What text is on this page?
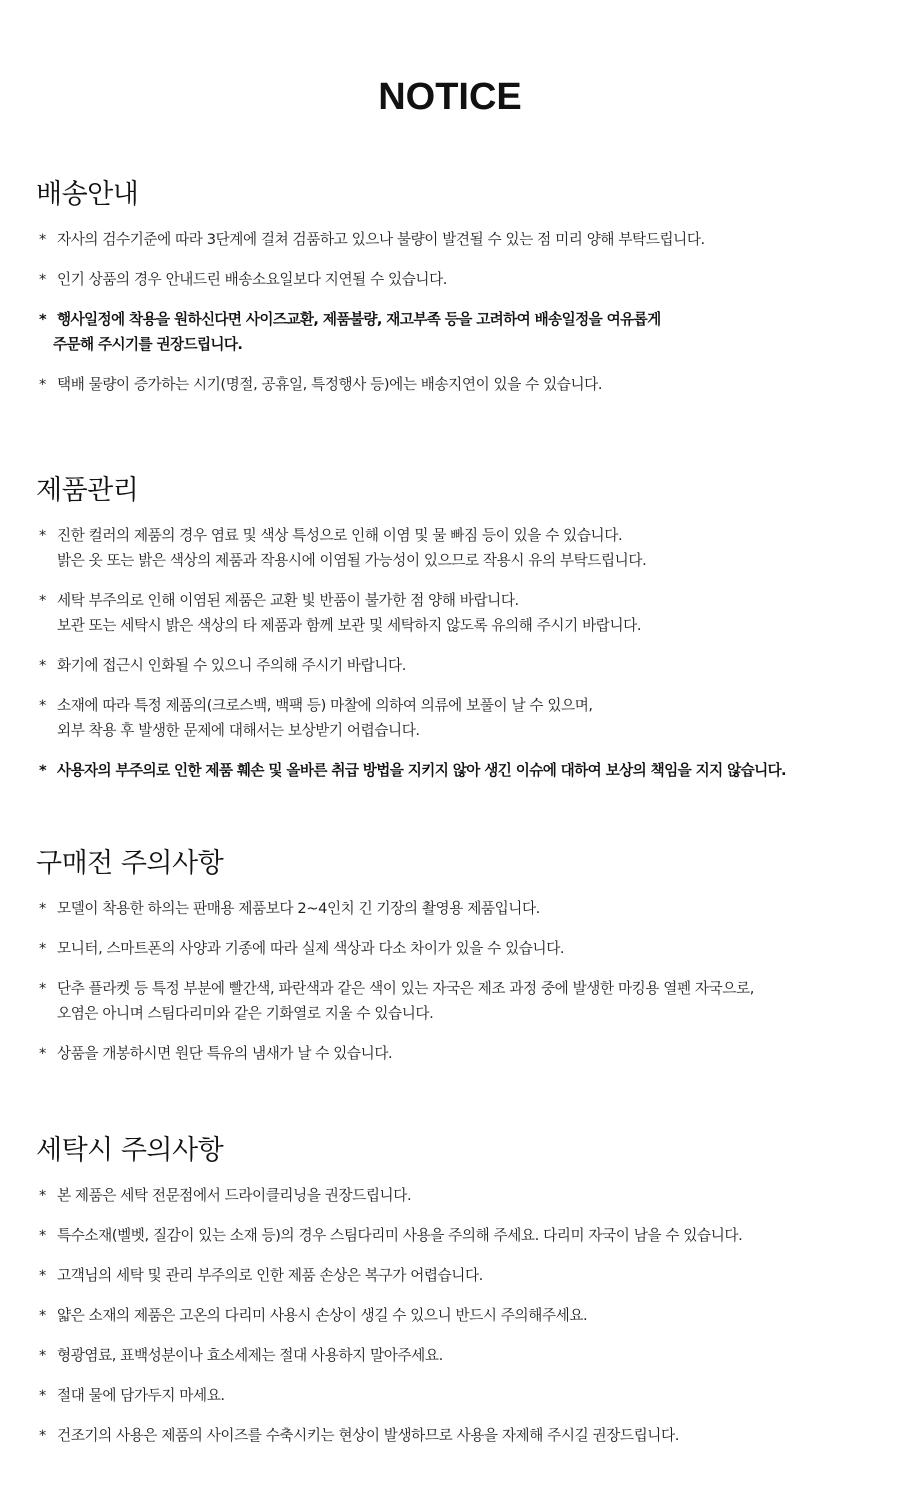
NOTICE
배송안내
* 자사의 검수기준에 따라 3단계에 걸쳐 검품하고 있으나 불량이 발견될 수 있는 점 미리 양해 부탁드립니다.
* 인기 상품의 경우 안내드린 배송소요일보다 지연될 수 있습니다.
* 행사일정에 착용을 원하신다면 사이즈교환, 제품불량, 재고부족 등을 고려하여 배송일정을 여유롭게
주문해 주시기를 권장드립니다.
* 택배 물량이 증가하는 시기(명절, 공휴일, 특정행사 등)에는 배송지연이 있을 수 있습니다.
제품관리
* 진한 컬러의 제품의 경우 염료 및 색상 특성으로 인해 이염 및 물 빠짐 등이 있을 수 있습니다.
밝은 옷 또는 밝은 색상의 제품과 작용시에 이염될 가능성이 있으므로 작용시 유의 부탁드립니다.
* 세탁 부주의로 인해 이염된 제품은 교환 빛 반품이 불가한 점 양해 바랍니다.
보관 또는 세탁시 밝은 색상의 타 제품과 함께 보관 및 세탁하지 않도록 유의해 주시기 바랍니다.
* 화기에 접근시 인화될 수 있으니 주의해 주시기 바랍니다.
* 소재에 따라 특정 제품의(크로스백, 백팩 등) 마찰에 의하여 의류에 보풀이 날 수 있으며,
외부 착용 후 발생한 문제에 대해서는 보상받기 어렵습니다.
* 사용자의 부주의로 인한 제품 훼손 및 올바른 취급 방법을 지키지 않아 생긴 이슈에 대하여 보상의 책임을 지지 않습니다.
구매전 주의사항
* 모델이 착용한 하의는 판매용 제품보다 2~4인치 긴 기장의 촬영용 제품입니다.
* 모니터, 스마트폰의 사양과 기종에 따라 실제 색상과 다소 차이가 있을 수 있습니다.
* 단추 플라켓 등 특정 부분에 빨간색, 파란색과 같은 색이 있는 자국은 제조 과정 중에 발생한 마킹용 열펜 자국으로,
오염은 아니며 스팀다리미와 같은 기화열로 지울 수 있습니다.
* 상품을 개봉하시면 원단 특유의 냄새가 날 수 있습니다.
세탁시 주의사항
* 본 제품은 세탁 전문점에서 드라이클리닝을 권장드립니다.
* 특수소재(벨벳, 질감이 있는 소재 등)의 경우 스팀다리미 사용을 주의해 주세요. 다리미 자국이 남을 수 있습니다.
* 고객님의 세탁 및 관리 부주의로 인한 제품 손상은 복구가 어렵습니다.
* 얇은 소재의 제품은 고온의 다리미 사용시 손상이 생길 수 있으니 반드시 주의해주세요.
* 형광염료, 표백성분이나 효소세제는 절대 사용하지 말아주세요.
* 절대 물에 담가두지 마세요.
* 건조기의 사용은 제품의 사이즈를 수축시키는 현상이 발생하므로 사용을 자제해 주시길 권장드립니다.
